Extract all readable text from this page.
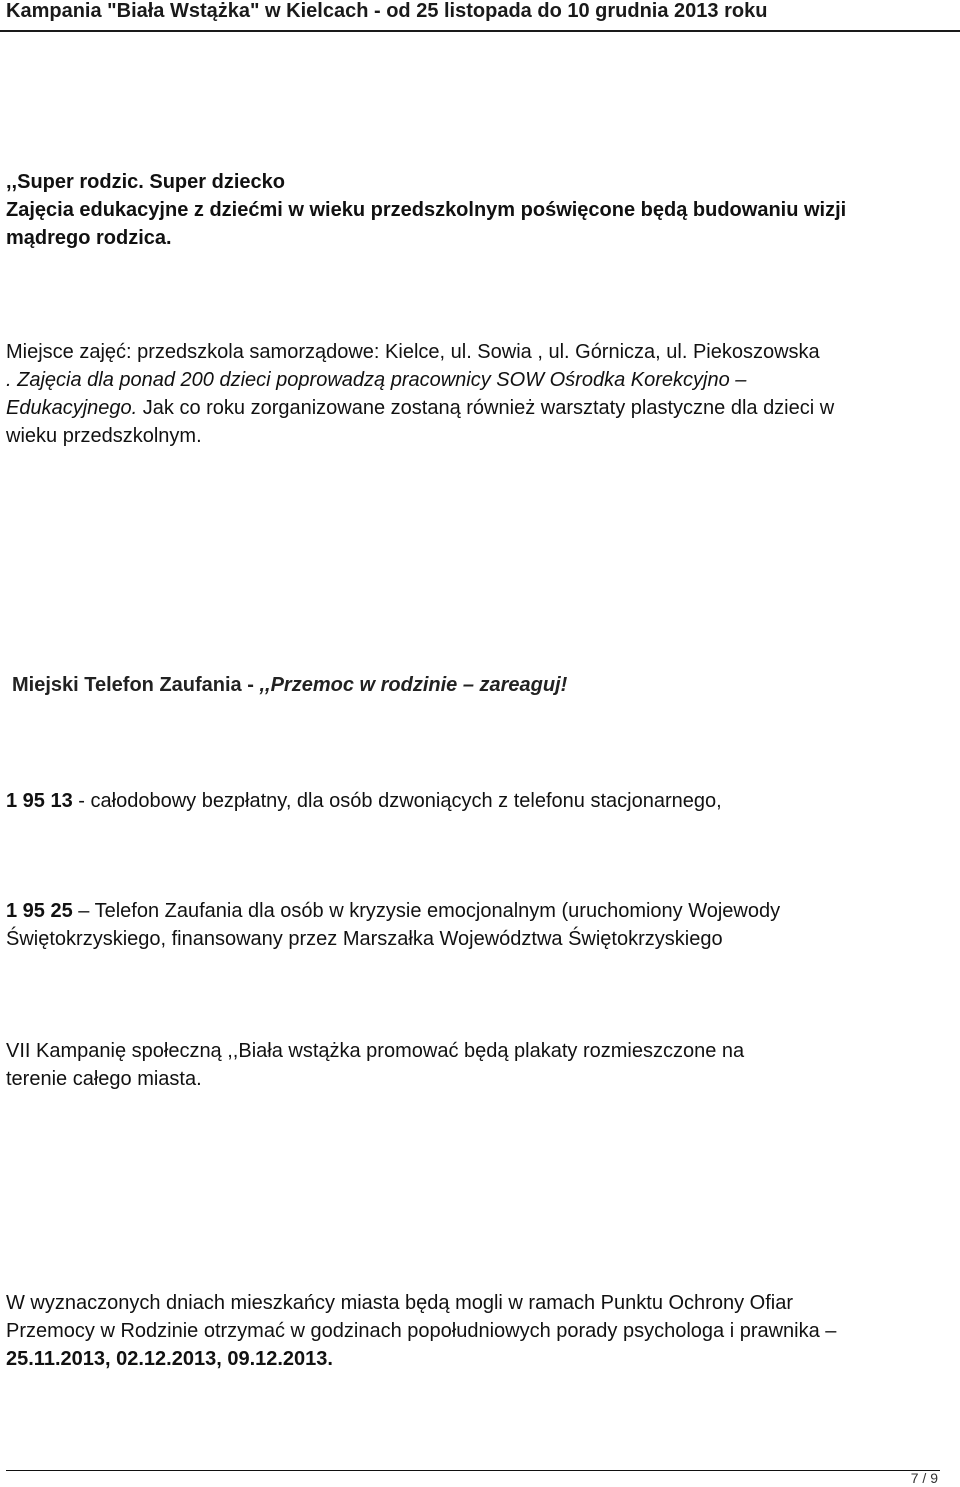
Kampania "Biała Wstążka" w Kielcach - od 25 listopada do 10 grudnia 2013 roku
,,Super rodzic. Super dziecko
Zajęcia edukacyjne z dziećmi w wieku przedszkolnym poświęcone będą budowaniu wizji
mądrego rodzica.
Miejsce zajęć: przedszkola samorządowe: Kielce, ul. Sowia , ul. Górnicza, ul. Piekoszowska
. Zajęcia dla ponad 200 dzieci poprowadzą pracownicy SOW Ośrodka Korekcyjno –
Edukacyjnego. Jak co roku zorganizowane zostaną również warsztaty plastyczne dla dzieci w
wieku przedszkolnym.
Miejski Telefon Zaufania - ,,Przemoc w rodzinie – zareaguj!
1 95 13 - całodobowy bezpłatny, dla osób dzwoniących z telefonu stacjonarnego,
1 95 25 – Telefon Zaufania dla osób w kryzysie emocjonalnym (uruchomiony Wojewody
Świętokrzyskiego, finansowany przez Marszałka Województwa Świętokrzyskiego
VII Kampanię społeczną ,,Biała wstążka promować będą plakaty rozmieszczone na
terenie całego miasta.
W wyznaczonych dniach mieszkańcy miasta będą mogli w ramach Punktu Ochrony Ofiar
Przemocy w Rodzinie otrzymać w godzinach popołudniowych porady psychologa i prawnika –
25.11.2013, 02.12.2013, 09.12.2013.
7 / 9
